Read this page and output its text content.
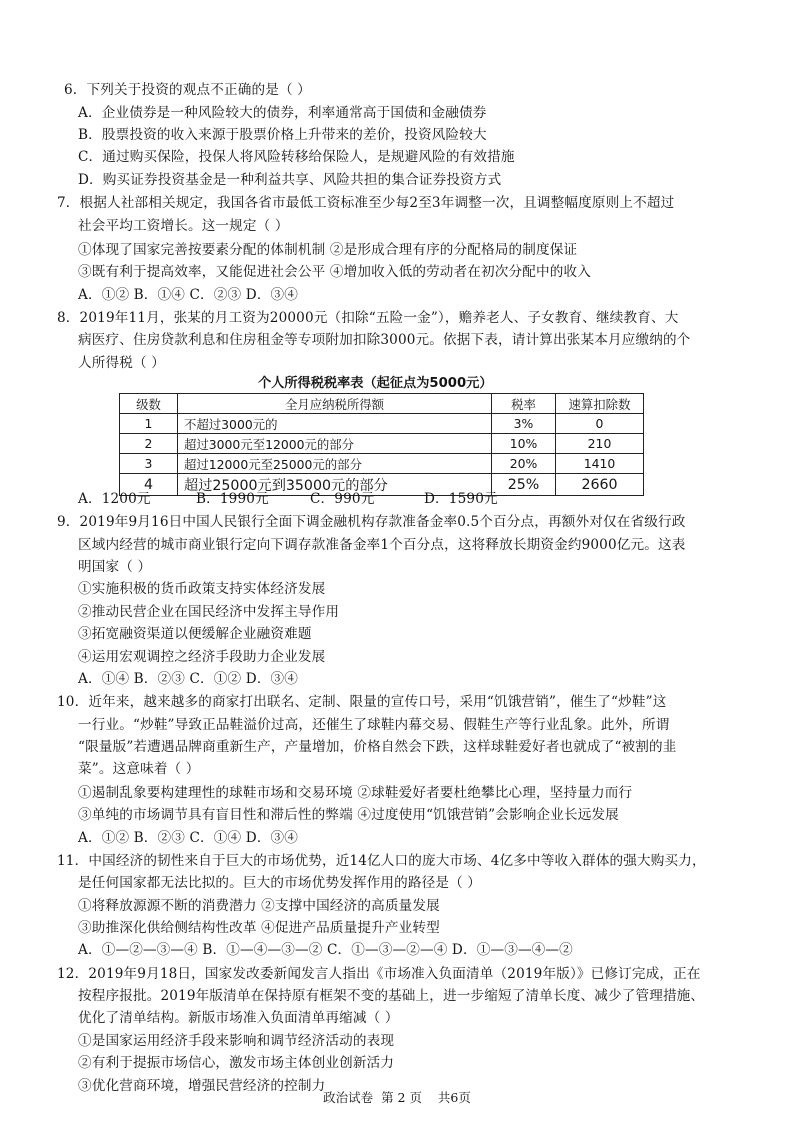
6．下列关于投资的观点不正确的是（ ）
A．企业债券是一种风险较大的债券，利率通常高于国债和金融债券
B．股票投资的收入来源于股票价格上升带来的差价，投资风险较大
C．通过购买保险，投保人将风险转移给保险人，是规避风险的有效措施
D．购买证券投资基金是一种利益共享、风险共担的集合证券投资方式
7．根据人社部相关规定，我国各省市最低工资标准至少每2至3年调整一次，且调整幅度原则上不超过
社会平均工资增长。这一规定（ ）
①体现了国家完善按要素分配的体制机制 ②是形成合理有序的分配格局的制度保证
③既有利于提高效率，又能促进社会公平 ④增加收入低的劳动者在初次分配中的收入
A．①② B．①④ C．②③ D．③④
8．2019年11月，张某的月工资为20000元（扣除“五险一金”），赡养老人、子女教育、继续教育、大
病医疗、住房贷款利息和住房租金等专项附加扣除3000元。依据下表，请计算出张某本月应缴纳的个
人所得税（ ）
个人所得税税率表（起征点为5000元）
级数	全月应纳税所得额	税率	速算扣除数
1	不超过3000元的	3%	0
2	超过3000元至12000元的部分	10%	210
3	超过12000元至25000元的部分	20%	1410
4	超过25000元到35000元的部分	25%	2660
A．1200元	B．1990元	C．990元	D．1590元
9．2019年9月16日中国人民银行全面下调金融机构存款准备金率0.5个百分点，再额外对仅在省级行政
区域内经营的城市商业银行定向下调存款准备金率1个百分点，这将释放长期资金约9000亿元。这表
明国家（ ）
①实施积极的货币政策支持实体经济发展
②推动民营企业在国民经济中发挥主导作用
③拓宽融资渠道以便缓解企业融资难题
④运用宏观调控之经济手段助力企业发展
A．①④ B．②③ C．①② D．③④
10．近年来，越来越多的商家打出联名、定制、限量的宣传口号，采用“饥饿营销”，催生了“炒鞋”这
一行业。“炒鞋”导致正品鞋溢价过高，还催生了球鞋内幕交易、假鞋生产等行业乱象。此外，所谓
“限量版”若遭遇品牌商重新生产，产量增加，价格自然会下跌，这样球鞋爱好者也就成了“被割的韭
菜”。这意味着（ ）
①遏制乱象要构建理性的球鞋市场和交易环境 ②球鞋爱好者要杜绝攀比心理，坚持量力而行
③单纯的市场调节具有盲目性和滞后性的弊端 ④过度使用“饥饿营销”会影响企业长远发展
A．①② B．②③ C．①④ D．③④
11．中国经济的韧性来自于巨大的市场优势，近14亿人口的庞大市场、4亿多中等收入群体的强大购买力，
是任何国家都无法比拟的。巨大的市场优势发挥作用的路径是（ ）
①将释放源源不断的消费潜力 ②支撑中国经济的高质量发展
③助推深化供给侧结构性改革 ④促进产品质量提升产业转型
A．①—②—③—④ B．①—④—③—② C．①—③—②—④ D．①—③—④—②
12．2019年9月18日，国家发改委新闻发言人指出《市场准入负面清单（2019年版）》已修订完成，正在
政治试卷  第 2 页    共6页
按程序报批。2019年版清单在保持原有框架不变的基础上，进一步缩短了清单长度、减少了管理措施、
优化了清单结构。新版市场准入负面清单再缩减（ ）
①是国家运用经济手段来影响和调节经济活动的表现
②有利于提振市场信心，激发市场主体创业创新活力
③优化营商环境，增强民营经济的控制力
